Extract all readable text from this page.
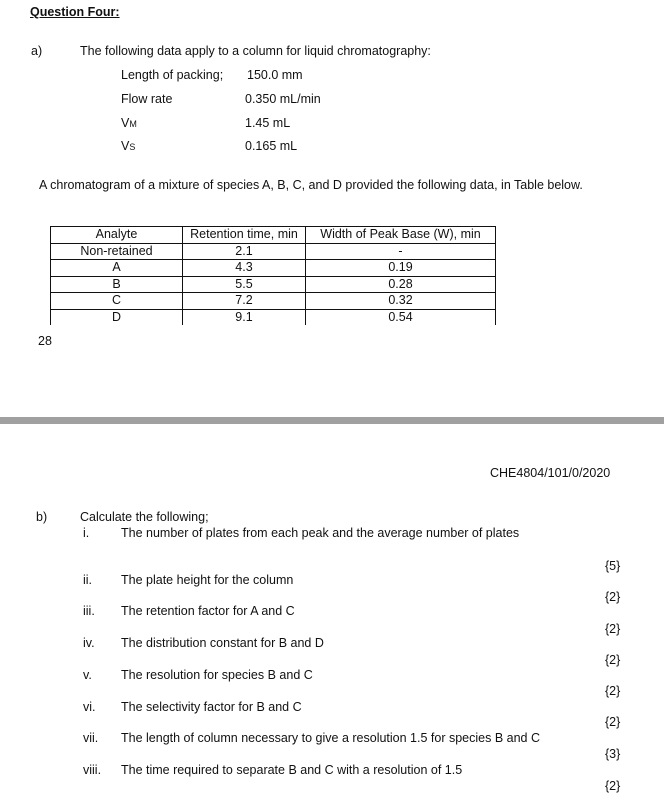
Question Four:
a)	The following data apply to a column for liquid chromatography:
Length of packing; 150.0 mm
Flow rate	0.350 mL/min
VM	1.45 mL
VS	0.165 mL
A chromatogram of a mixture of species A, B, C, and D provided the following data, in Table below.
Analyte	Retention time, min	Width of Peak Base (W), min
Non-retained	2.1	-
A	4.3	0.19
B	5.5	0.28
C	7.2	0.32
D	9.1	0.54
28
CHE4804/101/0/2020
b)	Calculate the following;
i.	The number of plates from each peak and the average number of plates
{5}
ii. The plate height for the column
{2}
iii. The retention factor for A and C
{2}
iv. The distribution constant for B and D
{2}
v. The resolution for species B and C
{2}
vi. The selectivity factor for B and C
{2}
vii. The length of column necessary to give a resolution 1.5 for species B and C
{3}
viii. The time required to separate B and C with a resolution of 1.5
{2}
